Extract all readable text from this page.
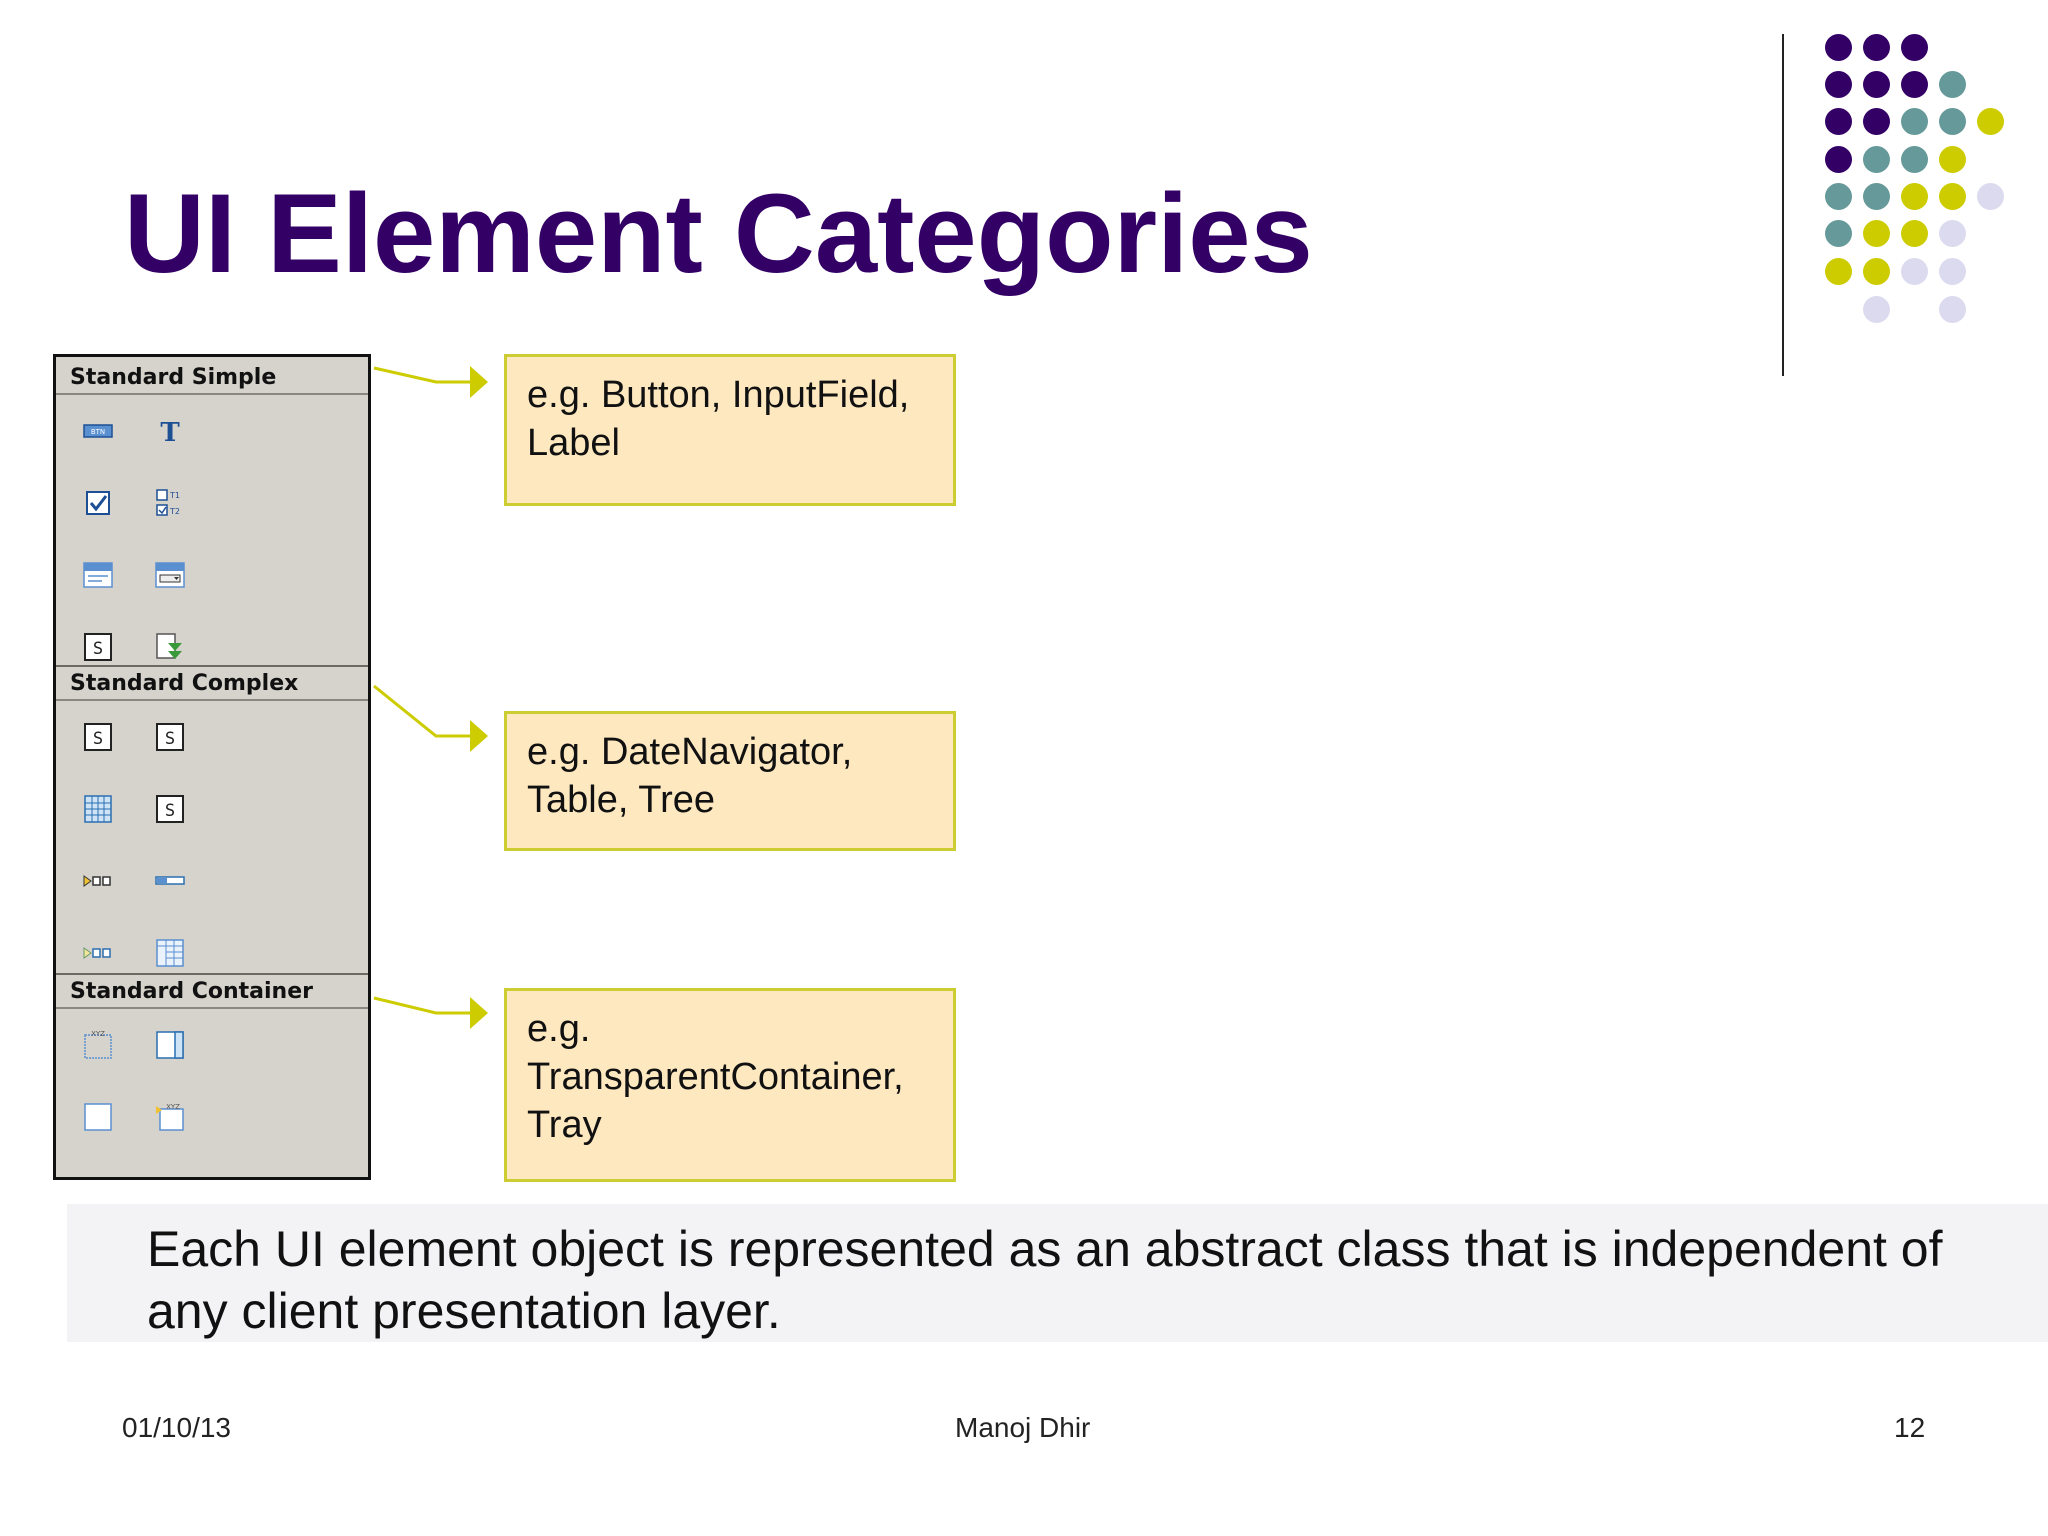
UI Element Categories
Standard Simple
BTN T
T1
T2
S
Standard Complex
S	S
S
Standard Container
XYZ
XYZ
e.g. Button, InputField,
Label
e.g. DateNavigator,
Table, Tree
e.g.
TransparentContainer,
Tray

Each UI element object is represented as an abstract class that is independent of any client presentation layer.

01/10/13	Manoj Dhir	12
